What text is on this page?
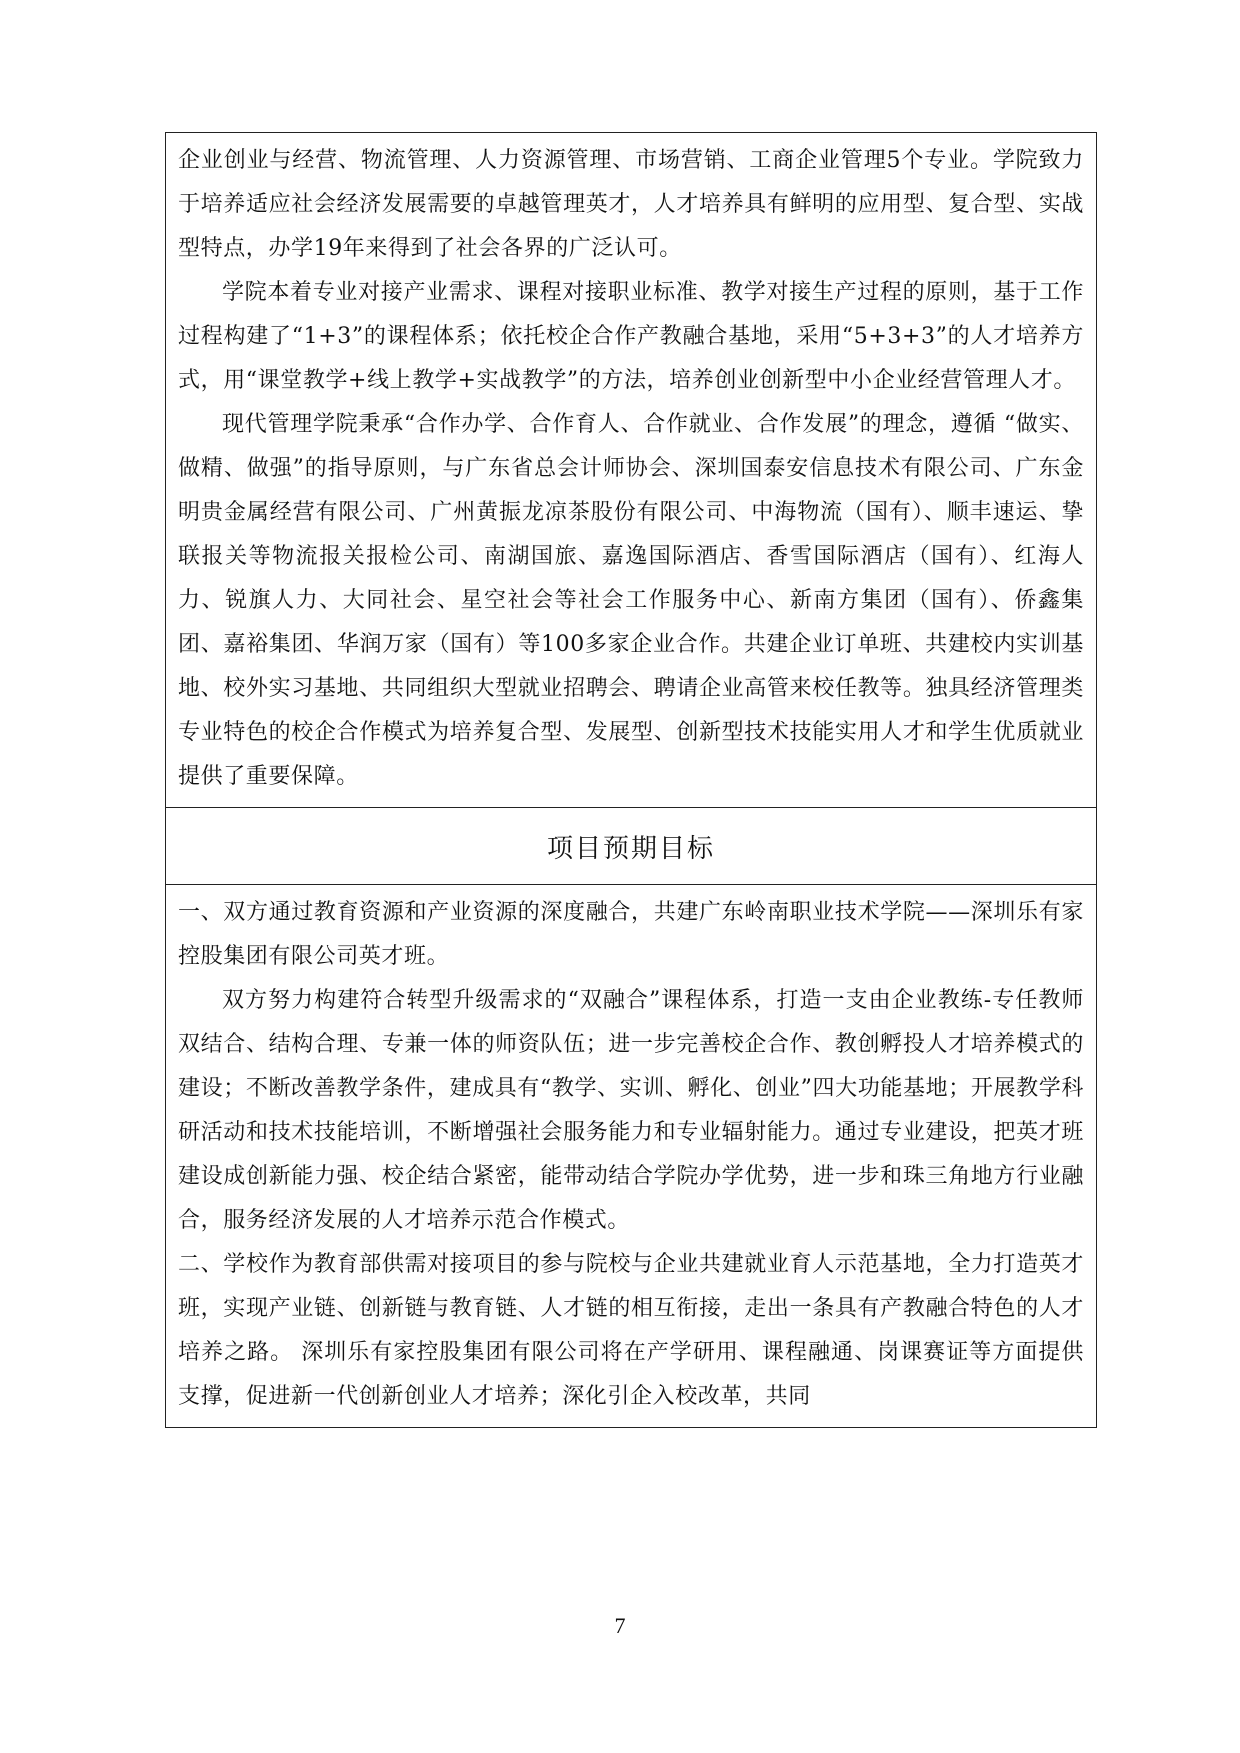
企业创业与经营、物流管理、人力资源管理、市场营销、工商企业管理5个专业。学院致力于培养适应社会经济发展需要的卓越管理英才，人才培养具有鲜明的应用型、复合型、实战型特点，办学19年来得到了社会各界的广泛认可。

学院本着专业对接产业需求、课程对接职业标准、教学对接生产过程的原则，基于工作过程构建了“1+3”的课程体系；依托校企合作产教融合基地，采用“5+3+3”的人才培养方式，用“课堂教学+线上教学+实战教学”的方法，培养创业创新型中小企业经营管理人才。

现代管理学院秉承“合作办学、合作育人、合作就业、合作发展”的理念，遵循 “做实、做精、做强”的指导原则，与广东省总会计师协会、深圳国泰安信息技术有限公司、广东金明贵金属经营有限公司、广州黄振龙凉茶股份有限公司、中海物流（国有）、顺丰速运、挚联报关等物流报关报检公司、南湖国旅、嘉逸国际酒店、香雪国际酒店（国有）、红海人力、锐旗人力、大同社会、星空社会等社会工作服务中心、新南方集团（国有）、侨鑫集团、嘉裕集团、华润万家（国有）等100多家企业合作。共建企业订单班、共建校内实训基地、校外实习基地、共同组织大型就业招聘会、聘请企业高管来校任教等。独具经济管理类专业特色的校企合作模式为培养复合型、发展型、创新型技术技能实用人才和学生优质就业提供了重要保障。

项目预期目标

一、双方通过教育资源和产业资源的深度融合，共建广东岭南职业技术学院——深圳乐有家控股集团有限公司英才班。

双方努力构建符合转型升级需求的“双融合”课程体系，打造一支由企业教练-专任教师双结合、结构合理、专兼一体的师资队伍；进一步完善校企合作、教创孵投人才培养模式的建设；不断改善教学条件，建成具有“教学、实训、孵化、创业”四大功能基地；开展教学科研活动和技术技能培训，不断增强社会服务能力和专业辐射能力。通过专业建设，把英才班建设成创新能力强、校企结合紧密，能带动结合学院办学优势，进一步和珠三角地方行业融合，服务经济发展的人才培养示范合作模式。

二、学校作为教育部供需对接项目的参与院校与企业共建就业育人示范基地，全力打造英才班，实现产业链、创新链与教育链、人才链的相互衔接，走出一条具有产教融合特色的人才培养之路。 深圳乐有家控股集团有限公司将在产学研用、课程融通、岗课赛证等方面提供支撑，促进新一代创新创业人才培养；深化引企入校改革，共同

7
